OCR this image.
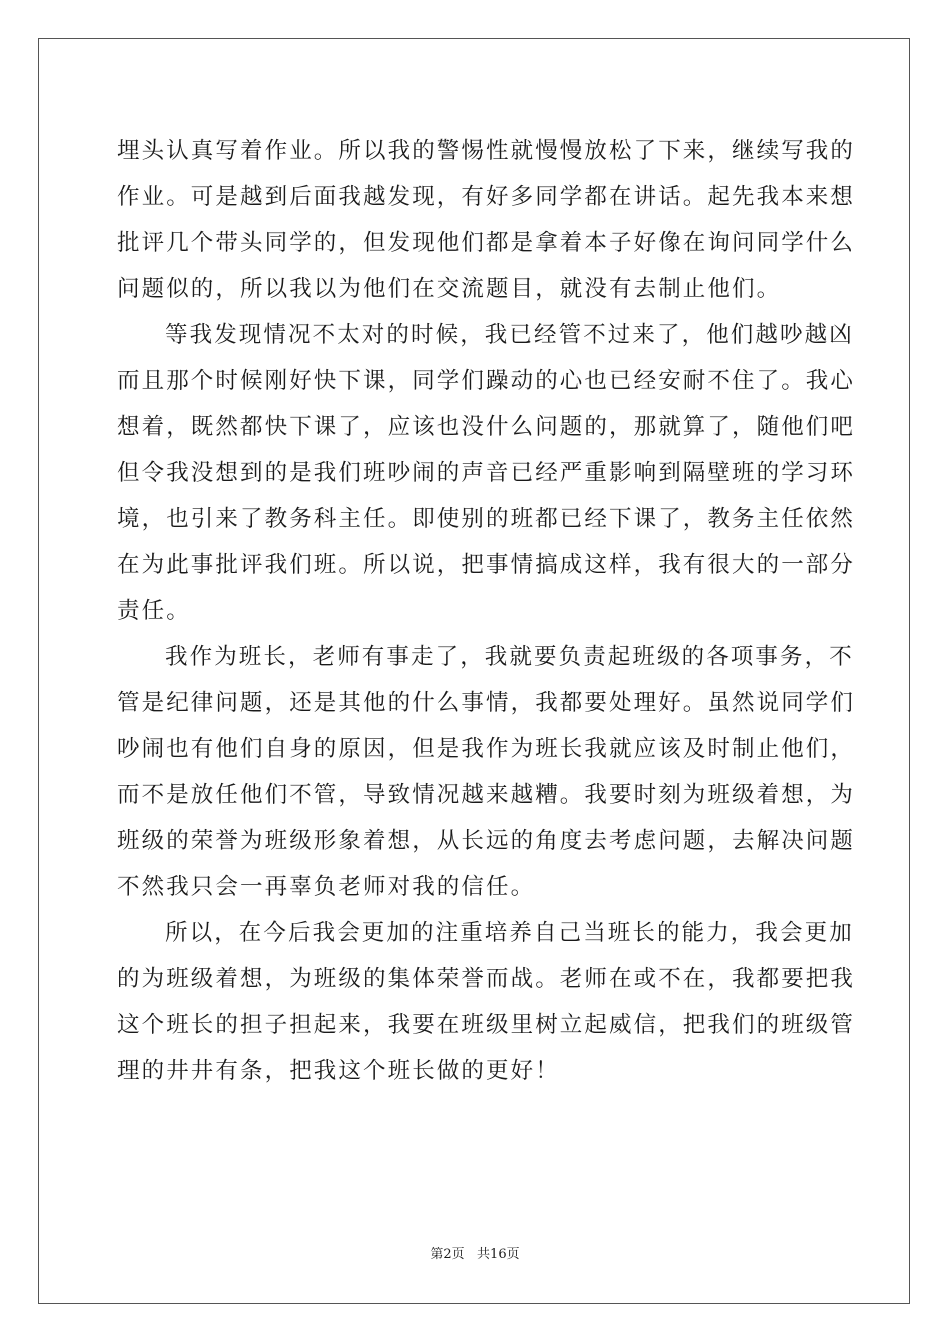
埋头认真写着作业。所以我的警惕性就慢慢放松了下来，继续写我的
作业。可是越到后面我越发现，有好多同学都在讲话。起先我本来想
批评几个带头同学的，但发现他们都是拿着本子好像在询问同学什么
问题似的，所以我以为他们在交流题目，就没有去制止他们。
等我发现情况不太对的时候，我已经管不过来了，他们越吵越凶
而且那个时候刚好快下课，同学们躁动的心也已经安耐不住了。我心
想着，既然都快下课了，应该也没什么问题的，那就算了，随他们吧
但令我没想到的是我们班吵闹的声音已经严重影响到隔壁班的学习环
境，也引来了教务科主任。即使别的班都已经下课了，教务主任依然
在为此事批评我们班。所以说，把事情搞成这样，我有很大的一部分
责任。
我作为班长，老师有事走了，我就要负责起班级的各项事务，不
管是纪律问题，还是其他的什么事情，我都要处理好。虽然说同学们
吵闹也有他们自身的原因，但是我作为班长我就应该及时制止他们，
而不是放任他们不管，导致情况越来越糟。我要时刻为班级着想，为
班级的荣誉为班级形象着想，从长远的角度去考虑问题，去解决问题
不然我只会一再辜负老师对我的信任。
所以，在今后我会更加的注重培养自己当班长的能力，我会更加
的为班级着想，为班级的集体荣誉而战。老师在或不在，我都要把我
这个班长的担子担起来，我要在班级里树立起威信，把我们的班级管
理的井井有条，把我这个班长做的更好！
第2页   共16页
